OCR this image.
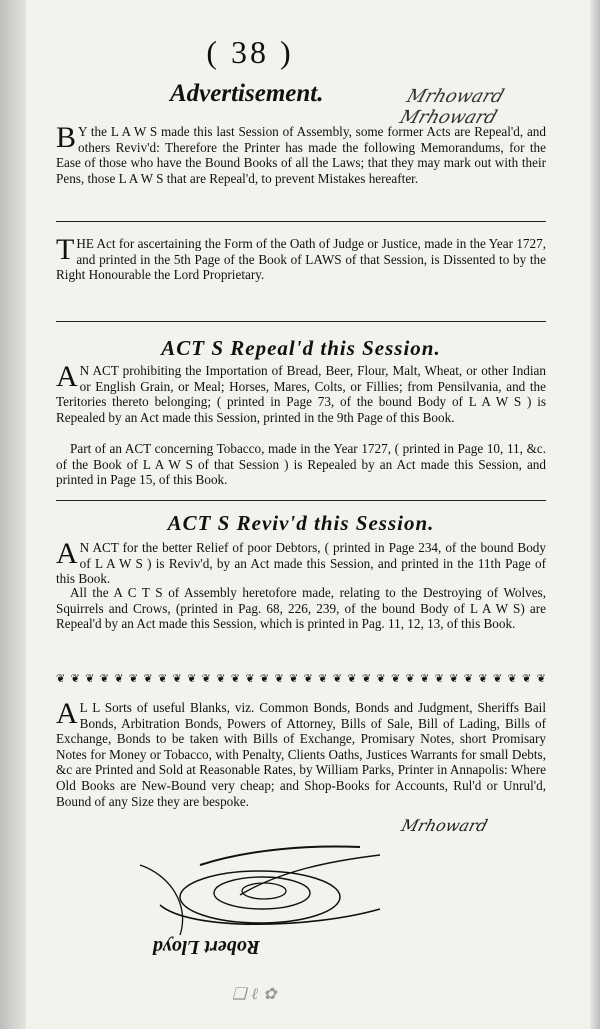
( 38 )
Advertisement.	Mrhoward Mrhoward
B Y the L A W S made this last Session of Assembly, some former Acts are Repeal'd, and others Reviv'd: Therefore the Printer has made the following Memorandums, for the Ease of those who have the Bound Books of all the Laws; that they may mark out with their Pens, those L A W S that are Repeal'd, to prevent Mistakes hereafter.
T HE Act for ascertaining the Form of the Oath of Judge or Justice, made in the Year 1727, and printed in the 5th Page of the Book of LAWS of that Session, is Dissented to by the Right Honourable the Lord Proprietary.
ACT S Repeal'd this Session.
A N ACT prohibiting the Importation of Bread, Beer, Flour, Malt, Wheat, or other Indian or English Grain, or Meal; Horses, Mares, Colts, or Fillies; from Pensilvania, and the Teritories thereto belonging; ( printed in Page 73, of the bound Body of L A W S ) is Repealed by an Act made this Session, printed in the 9th Page of this Book.
Part of an ACT concerning Tobacco, made in the Year 1727, ( printed in Page 10, 11, &c. of the Book of L A W S of that Session ) is Repealed by an Act made this Session, and printed in Page 15, of this Book.
ACT S Reviv'd this Session.
A N ACT for the better Relief of poor Debtors, ( printed in Page 234, of the bound Body of L A W S ) is Reviv'd, by an Act made this Session, and printed in the 11th Page of this Book.
All the A C T S of Assembly heretofore made, relating to the Destroying of Wolves, Squirrels and Crows, (printed in Pag. 68, 226, 239, of the bound Body of L A W S) are Repeal'd by an Act made this Session, which is printed in Pag. 11, 12, 13, of this Book.
❦ ❦ ❦ ❦ ❦ ❦ ❦ ❦ ❦ ❦ ❦ ❦ ❦ ❦ ❦ ❦ ❦ ❦ ❦ ❦ ❦ ❦ ❦ ❦ ❦ ❦ ❦ ❦ ❦ ❦ ❦ ❦ ❦ ❦
A L L Sorts of useful Blanks, viz. Common Bonds, Bonds and Judgment, Sheriffs Bail Bonds, Arbitration Bonds, Powers of Attorney, Bills of Sale, Bill of Lading, Bills of Exchange, Bonds to be taken with Bills of Exchange, Promisary Notes, short Promisary Notes for Money or Tobacco, with Penalty, Clients Oaths, Justices Warrants for small Debts, &c are Printed and Sold at Reasonable Rates, by William Parks, Printer in Annapolis: Where Old Books are New-Bound very cheap; and Shop-Books for Accounts, Rul'd or Unrul'd, Bound of any Size they are bespoke.
Mrhoward
Robert Lloyd
❑ ℓ ✿
